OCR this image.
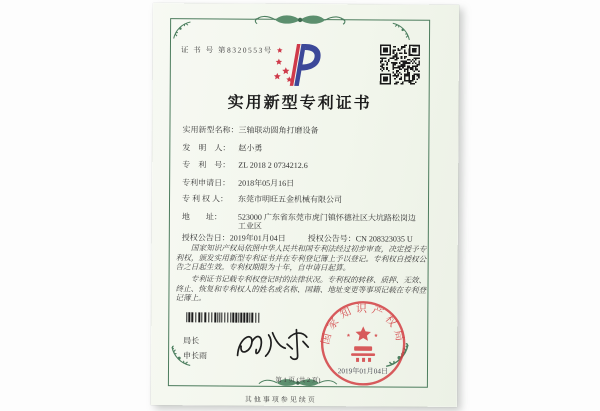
证 书 号 第8320553号
实用新型专利证书
实用新型名称： 三轴联动圆角打磨设备
发　明　人： 赵小勇
专　利　号： ZL 2018 2 0734212.6
专利申请日： 2018年05月16日
专 利 权 人：	东莞市明旺五金机械有限公司
地　　址：	523000 广东省东莞市虎门镇怀德社区大坑路松岗边工业区
授权公告日：2019年01月04日	授权公告号：CN 208323035 U

国家知识产权局依照中华人民共和国专利法经过初步审查，决定授予专利权，颁发实用新型专利证书并在专利登记簿上予以登记。专利权自授权公告之日起生效。专利权期限为十年，自申请日起算。

专利证书记载专利权登记时的法律状况。专利权的转移、质押、无效、终止、恢复和专利权人的姓名或名称、国籍、地址变更等事项记载在专利登记簿上。

局长
申长雨
国家知识产权局
2019年01月04日
第 1 页 (共 2 页)
其他事项参见续页
